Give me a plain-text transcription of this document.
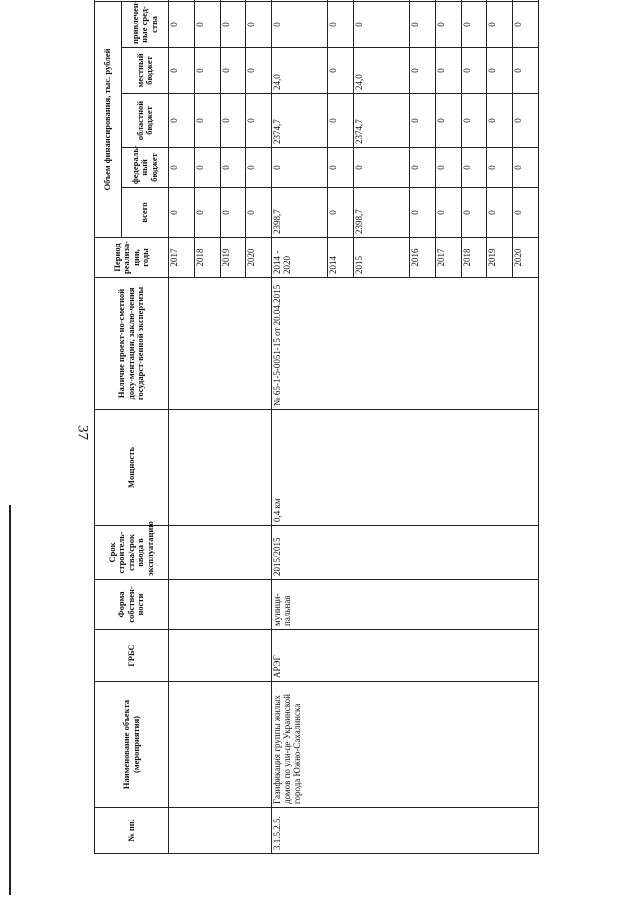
37
№ пп.	Наименование объекта (мероприятия)	ГРБС	Форма собствен-ности	Срок строитель-ства/срок ввода в эксплуатацию	Мощность	Наличие проект-но-сметной доку-ментации, заклю-чения государст-венной экспертизы	Период реализа-ции, годы	Объем финансирования, тыс. рублей	
								всего	федераль-ный бюджет	областной бюджет	местный бюджет	привлечен-ные сред-ства	
							2017	0	0	0	0	0	
							2018	0	0	0	0	0	
							2019	0	0	0	0	0	
							2020	0	0	0	0	0	
3.1.5.2.5.	Газификация группы жилых домов по ули-це Украинской города Южно-Сахалинска	АРЭГ	муници-пальная	2015/2015	0,4 км	№ 65-1-5-0051-15 от 20.04.2015	2014 - 2020	2398,7	0	2374,7	24,0	0	
							2014	0	0	0	0	0	
							2015	2398,7	0	2374,7	24,0	0	
							2016	0	0	0	0	0	
							2017	0	0	0	0	0	
							2018	0	0	0	0	0	
							2019	0	0	0	0	0	
							2020	0	0	0	0	0	
